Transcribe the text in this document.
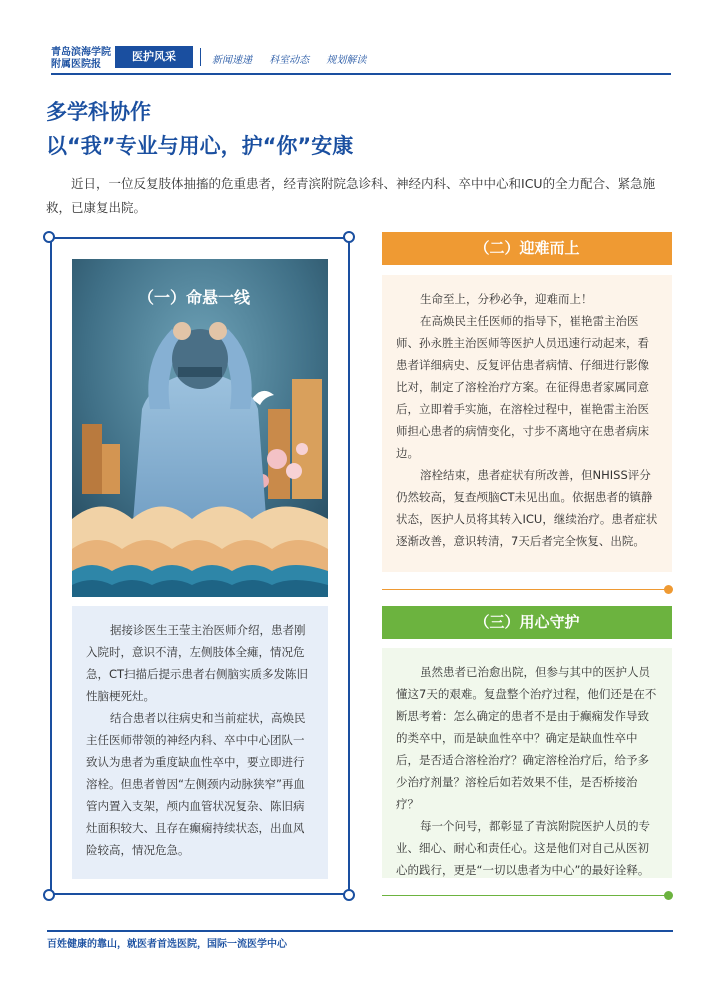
青岛滨海学院
附属医院报
医护风采	新闻速递 科室动态 规划解读
多学科协作
以“我”专业与用心，护“你”安康

近日，一位反复肢体抽搐的危重患者，经青滨附院急诊科、神经内科、卒中中心和ICU的全力配合、紧急施救，已康复出院。

（一）命悬一线

据接诊医生王莹主治医师介绍，患者刚入院时，意识不清，左侧肢体全瘫，情况危急，CT扫描后提示患者右侧脑实质多发陈旧性脑梗死灶。

结合患者以往病史和当前症状，高焕民主任医师带领的神经内科、卒中中心团队一致认为患者为重度缺血性卒中，要立即进行溶栓。但患者曾因“左侧颈内动脉狭窄”再血管内置入支架，颅内血管状况复杂、陈旧病灶面积较大、且存在癫痫持续状态，出血风险较高，情况危急。

（二）迎难而上

生命至上，分秒必争，迎难而上！

在高焕民主任医师的指导下，崔艳雷主治医师、孙永胜主治医师等医护人员迅速行动起来，看患者详细病史、反复评估患者病情、仔细进行影像比对，制定了溶栓治疗方案。在征得患者家属同意后，立即着手实施，在溶栓过程中，崔艳雷主治医师担心患者的病情变化，寸步不离地守在患者病床边。

溶栓结束，患者症状有所改善，但NHISS评分仍然较高，复查颅脑CT未见出血。依据患者的镇静状态，医护人员将其转入ICU，继续治疗。患者症状逐渐改善，意识转清，7天后者完全恢复、出院。

（三）用心守护

虽然患者已治愈出院，但参与其中的医护人员懂这7天的艰难。复盘整个治疗过程，他们还是在不断思考着：怎么确定的患者不是由于癫痫发作导致的类卒中，而是缺血性卒中？确定是缺血性卒中后，是否适合溶栓治疗？确定溶栓治疗后，给予多少治疗剂量？溶栓后如若效果不佳，是否桥接治疗？

每一个问号，都彰显了青滨附院医护人员的专业、细心、耐心和责任心。这是他们对自己从医初心的践行，更是“一切以患者为中心”的最好诠释。

百姓健康的靠山，就医者首选医院，国际一流医学中心
